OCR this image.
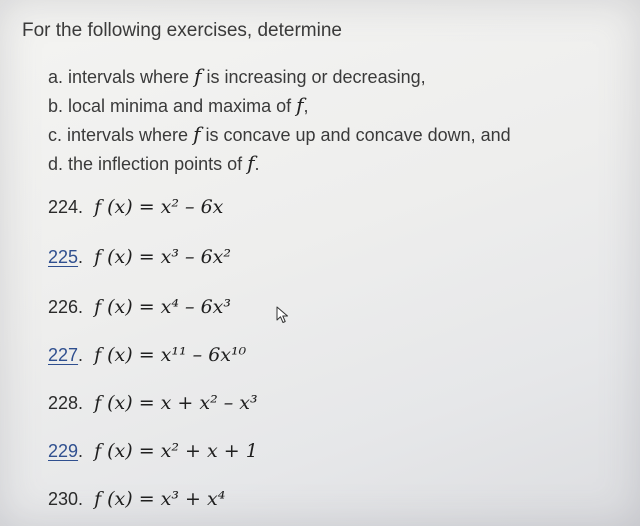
For the following exercises, determine
a. intervals where f is increasing or decreasing,
b. local minima and maxima of f,
c. intervals where f is concave up and concave down, and
d. the inflection points of f.
224. f (x) = x² – 6x
225. f (x) = x³ – 6x²
226. f (x) = x⁴ – 6x³
227. f (x) = x¹¹ – 6x¹⁰
228. f (x) = x + x² – x³
229. f (x) = x² + x + 1
230. f (x) = x³ + x⁴
